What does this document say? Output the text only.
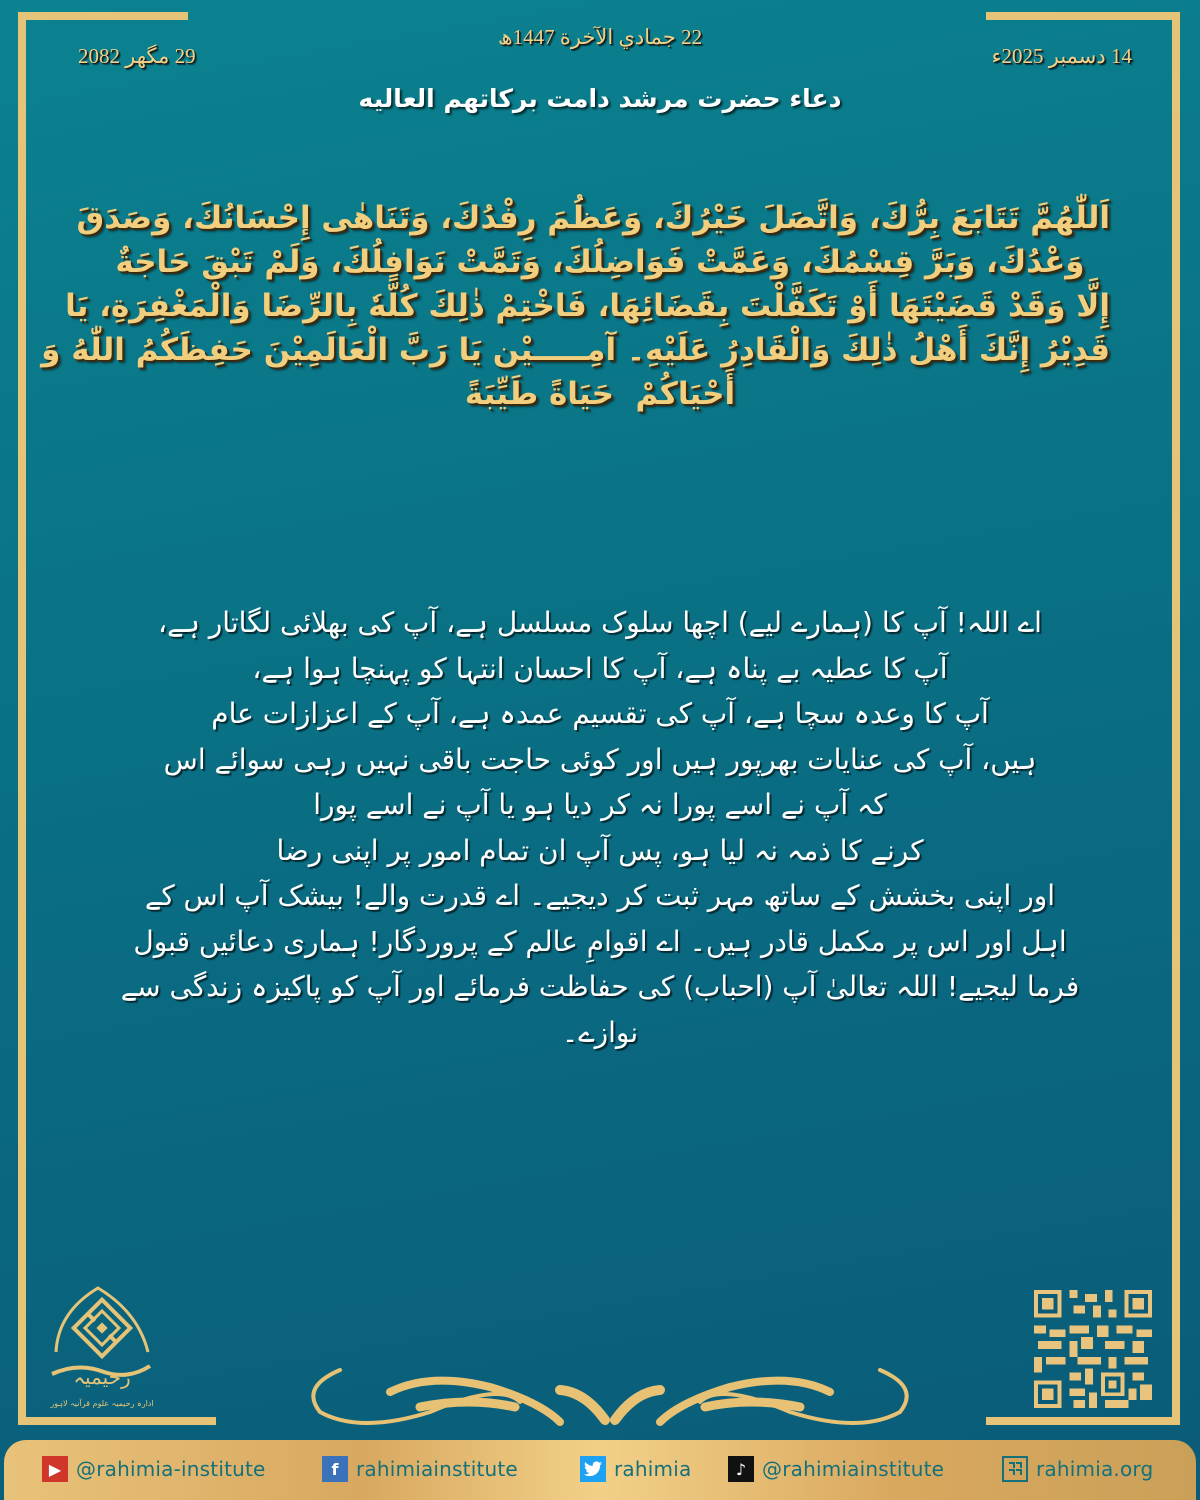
14 دسمبر 2025ء
22 جمادي الآخرة 1447ھ
29 مگھر 2082
دعاء حضرت مرشد دامت برکاتھم العالیه
اَللّٰهُمَّ تَتَابَعَ بِرُّكَ، وَاتَّصَلَ خَيْرُكَ، وَعَظُمَ رِفْدُكَ، وَتَنَاهٰى إِحْسَانُكَ، وَصَدَقَ
وَعْدُكَ، وَبَرَّ قِسْمُكَ، وَعَمَّتْ فَوَاضِلُكَ، وَتَمَّتْ نَوَافِلُكَ، وَلَمْ تَبْقَ حَاجَةٌ
إِلَّا وَقَدْ قَضَيْتَهَا أَوْ تَكَفَّلْتَ بِقَضَائِهَا، فَاخْتِمْ ذٰلِكَ كُلَّهٗ بِالرِّضَا وَالْمَغْفِرَةِ، يَا
قَدِيْرُ إِنَّكَ أَهْلُ ذٰلِكَ وَالْقَادِرُ عَلَيْهِ۔ آمِـــــيْن يَا رَبَّ الْعَالَمِيْنَ حَفِظَكُمُ اللّٰهُ وَ
أَحْيَاكُمْ ￼ حَيَاةً طَيِّبَةً
اے اللہ! آپ کا (ہمارے لیے) اچھا سلوک مسلسل ہے، آپ کی بھلائی لگاتار ہے،
آپ کا عطیہ بے پناہ ہے، آپ کا احسان انتہا کو پہنچا ہوا ہے،
آپ کا وعدہ سچا ہے، آپ کی تقسیم عمدہ ہے، آپ کے اعزازات عام
ہیں، آپ کی عنایات بھرپور ہیں اور کوئی حاجت باقی نہیں رہی سوائے اس
کہ آپ نے اسے پورا نہ کر دیا ہو یا آپ نے اسے پورا
کرنے کا ذمہ نہ لیا ہو، پس آپ ان تمام امور پر اپنی رضا
اور اپنی بخشش کے ساتھ مہر ثبت کر دیجیے۔ اے قدرت والے! بیشک آپ اس کے
اہل اور اس پر مکمل قادر ہیں۔ اے اقوامِ عالم کے پروردگار! ہماری دعائیں قبول
فرما لیجیے! اللہ تعالیٰ آپ (احباب) کی حفاظت فرمائے اور آپ کو پاکیزہ زندگی سے
نوازے۔
رحیمیہ
ادارہ رحیمیہ علوم قرآنیہ لاہور
▶ @rahimia-institute	f rahimiainstitute	rahimia	♪ @rahimiainstitute	rahimia.org
